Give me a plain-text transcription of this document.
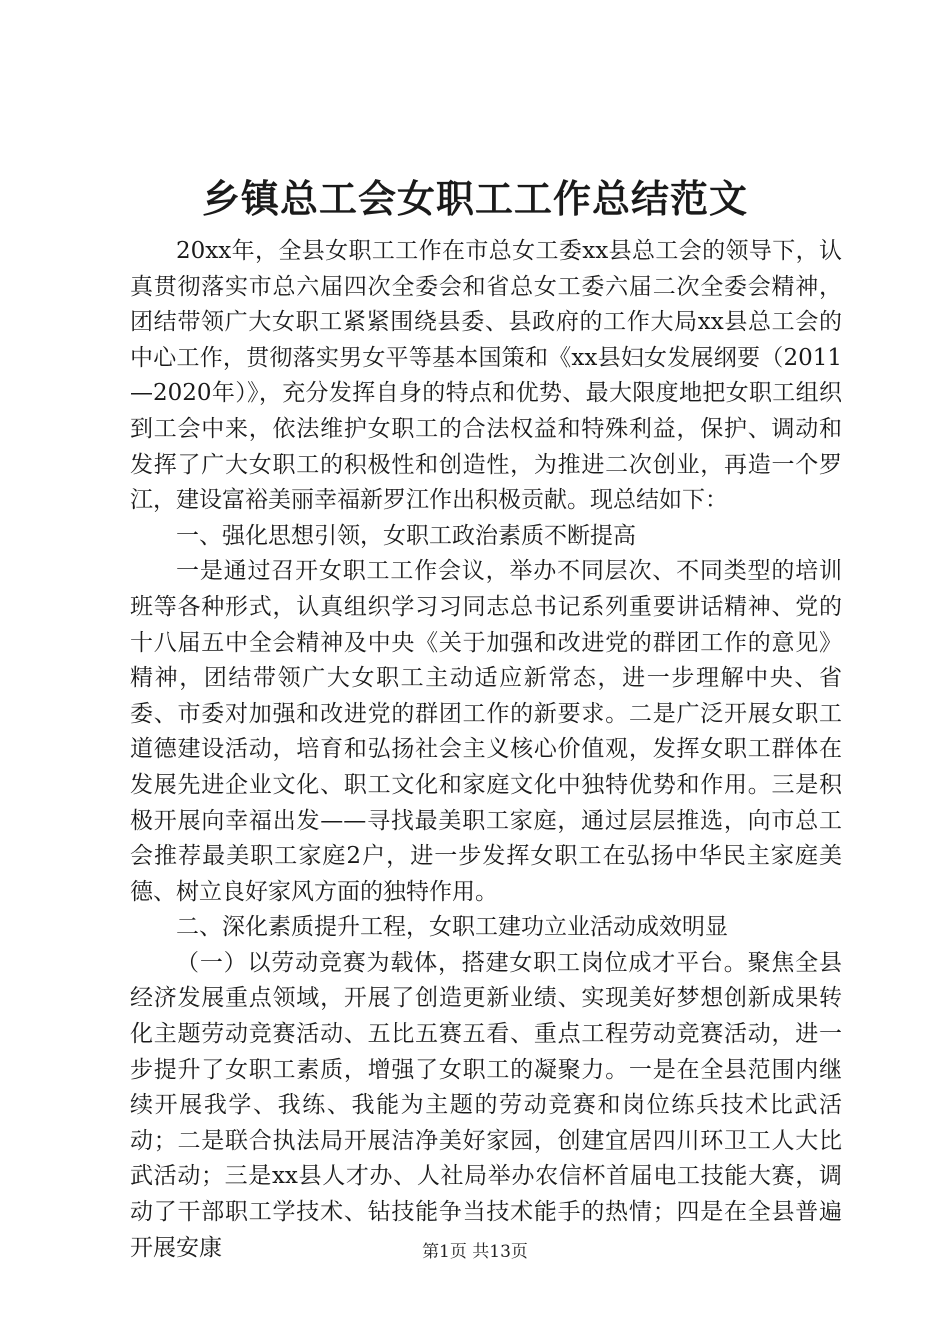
乡镇总工会女职工工作总结范文

20xx年，全县女职工工作在市总女工委xx县总工会的领导下，认真贯彻落实市总六届四次全委会和省总女工委六届二次全委会精神，团结带领广大女职工紧紧围绕县委、县政府的工作大局xx县总工会的中心工作，贯彻落实男女平等基本国策和《xx县妇女发展纲要（2011—2020年）》，充分发挥自身的特点和优势、最大限度地把女职工组织到工会中来，依法维护女职工的合法权益和特殊利益，保护、调动和发挥了广大女职工的积极性和创造性，为推进二次创业，再造一个罗江，建设富裕美丽幸福新罗江作出积极贡献。现总结如下：

一、强化思想引领，女职工政治素质不断提高

一是通过召开女职工工作会议，举办不同层次、不同类型的培训班等各种形式，认真组织学习习同志总书记系列重要讲话精神、党的十八届五中全会精神及中央《关于加强和改进党的群团工作的意见》精神，团结带领广大女职工主动适应新常态，进一步理解中央、省委、市委对加强和改进党的群团工作的新要求。二是广泛开展女职工道德建设活动，培育和弘扬社会主义核心价值观，发挥女职工群体在发展先进企业文化、职工文化和家庭文化中独特优势和作用。三是积极开展向幸福出发——寻找最美职工家庭，通过层层推选，向市总工会推荐最美职工家庭2户，进一步发挥女职工在弘扬中华民主家庭美德、树立良好家风方面的独特作用。

二、深化素质提升工程，女职工建功立业活动成效明显

（一）以劳动竞赛为载体，搭建女职工岗位成才平台。聚焦全县经济发展重点领域，开展了创造更新业绩、实现美好梦想创新成果转化主题劳动竞赛活动、五比五赛五看、重点工程劳动竞赛活动，进一步提升了女职工素质，增强了女职工的凝聚力。一是在全县范围内继续开展我学、我练、我能为主题的劳动竞赛和岗位练兵技术比武活动；二是联合执法局开展洁净美好家园，创建宜居四川环卫工人大比武活动；三是xx县人才办、人社局举办农信杯首届电工技能大赛，调动了干部职工学技术、钻技能争当技术能手的热情；四是在全县普遍开展安康	第1页 共13页
